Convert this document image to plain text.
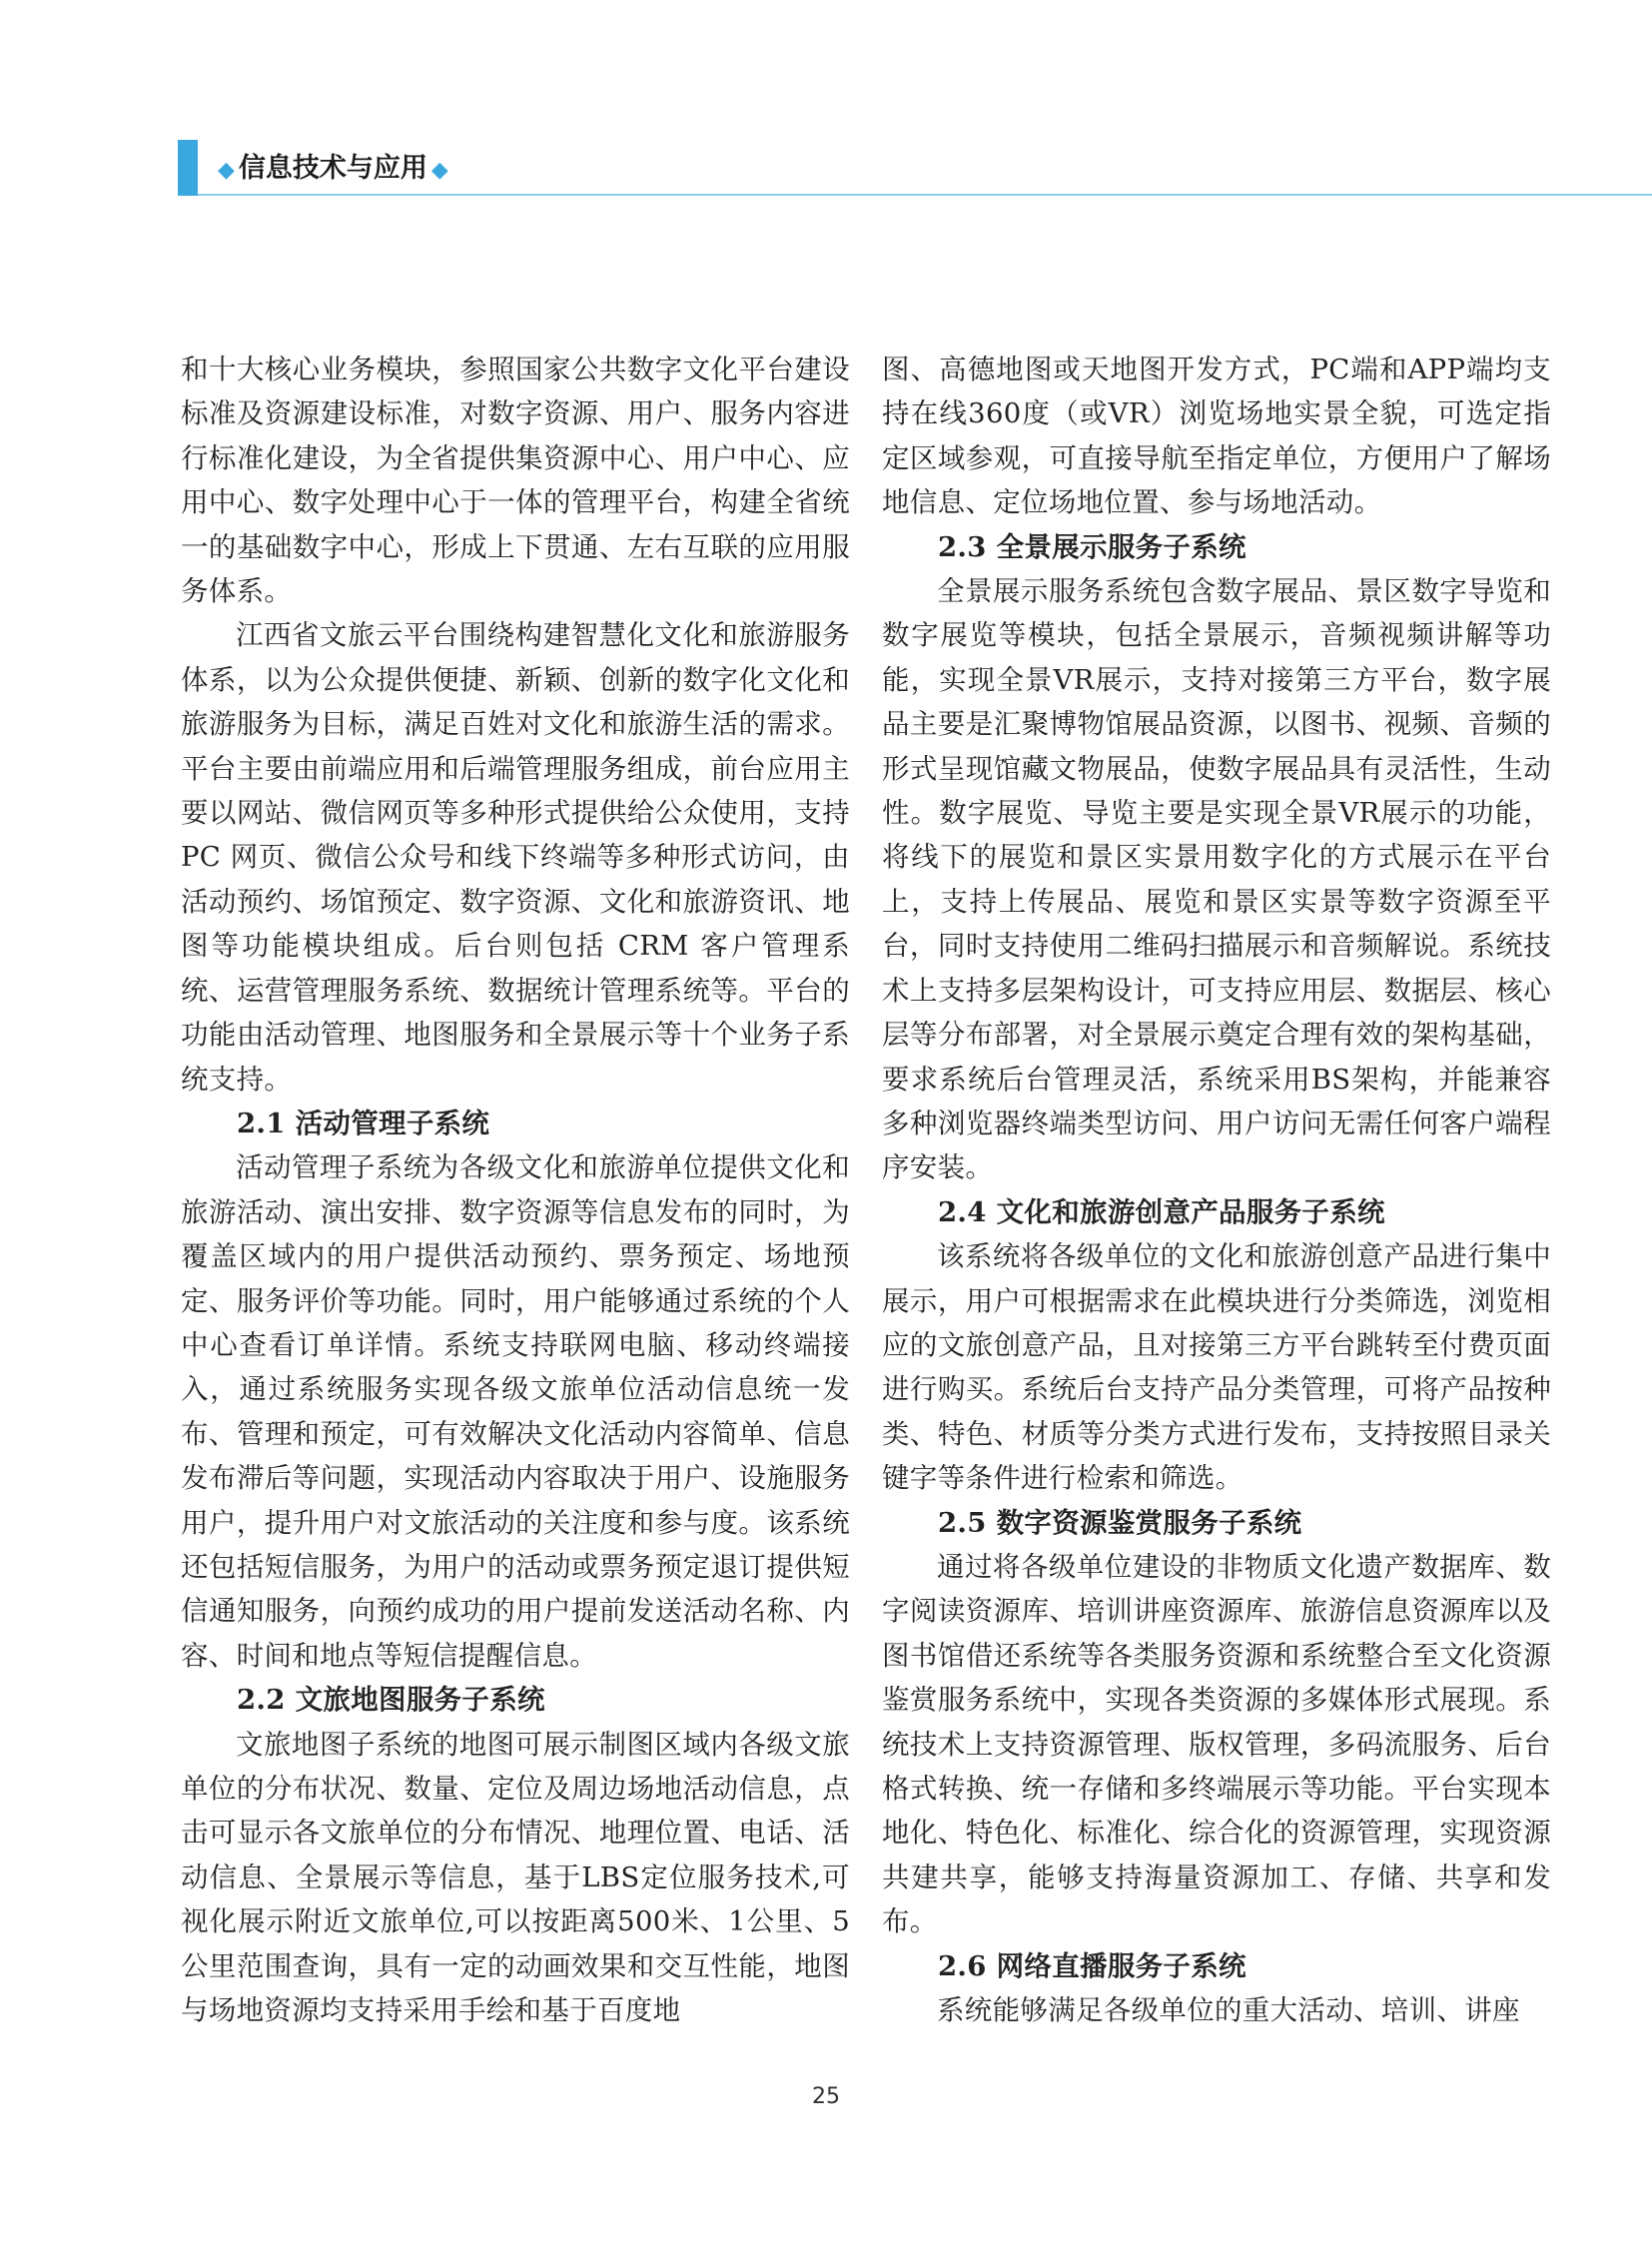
◆ 信息技术与应用 ◆

和十大核心业务模块，参照国家公共数字文化平台建设标准及资源建设标准，对数字资源、用户、服务内容进行标准化建设，为全省提供集资源中心、用户中心、应用中心、数字处理中心于一体的管理平台，构建全省统一的基础数字中心，形成上下贯通、左右互联的应用服务体系。

江西省文旅云平台围绕构建智慧化文化和旅游服务体系，以为公众提供便捷、新颖、创新的数字化文化和旅游服务为目标，满足百姓对文化和旅游生活的需求。平台主要由前端应用和后端管理服务组成，前台应用主要以网站、微信网页等多种形式提供给公众使用，支持 PC 网页、微信公众号和线下终端等多种形式访问，由活动预约、场馆预定、数字资源、文化和旅游资讯、地图等功能模块组成。后台则包括 CRM 客户管理系统、运营管理服务系统、数据统计管理系统等。平台的功能由活动管理、地图服务和全景展示等十个业务子系统支持。

2.1 活动管理子系统

活动管理子系统为各级文化和旅游单位提供文化和旅游活动、演出安排、数字资源等信息发布的同时，为覆盖区域内的用户提供活动预约、票务预定、场地预定、服务评价等功能。同时，用户能够通过系统的个人中心查看订单详情。系统支持联网电脑、移动终端接入，通过系统服务实现各级文旅单位活动信息统一发布、管理和预定，可有效解决文化活动内容简单、信息发布滞后等问题，实现活动内容取决于用户、设施服务用户，提升用户对文旅活动的关注度和参与度。该系统还包括短信服务，为用户的活动或票务预定退订提供短信通知服务，向预约成功的用户提前发送活动名称、内容、时间和地点等短信提醒信息。

2.2 文旅地图服务子系统

文旅地图子系统的地图可展示制图区域内各级文旅单位的分布状况、数量、定位及周边场地活动信息，点击可显示各文旅单位的分布情况、地理位置、电话、活动信息、全景展示等信息，基于LBS定位服务技术,可视化展示附近文旅单位,可以按距离500米、1公里、5公里范围查询，具有一定的动画效果和交互性能，地图与场地资源均支持采用手绘和基于百度地

图、高德地图或天地图开发方式，PC端和APP端均支持在线360度（或VR）浏览场地实景全貌，可选定指定区域参观，可直接导航至指定单位，方便用户了解场地信息、定位场地位置、参与场地活动。

2.3 全景展示服务子系统

全景展示服务系统包含数字展品、景区数字导览和数字展览等模块，包括全景展示，音频视频讲解等功能，实现全景VR展示，支持对接第三方平台，数字展品主要是汇聚博物馆展品资源，以图书、视频、音频的形式呈现馆藏文物展品，使数字展品具有灵活性，生动性。数字展览、导览主要是实现全景VR展示的功能，将线下的展览和景区实景用数字化的方式展示在平台上，支持上传展品、展览和景区实景等数字资源至平台，同时支持使用二维码扫描展示和音频解说。系统技术上支持多层架构设计，可支持应用层、数据层、核心层等分布部署，对全景展示奠定合理有效的架构基础，要求系统后台管理灵活，系统采用BS架构，并能兼容多种浏览器终端类型访问、用户访问无需任何客户端程序安装。

2.4 文化和旅游创意产品服务子系统

该系统将各级单位的文化和旅游创意产品进行集中展示，用户可根据需求在此模块进行分类筛选，浏览相应的文旅创意产品，且对接第三方平台跳转至付费页面进行购买。系统后台支持产品分类管理，可将产品按种类、特色、材质等分类方式进行发布，支持按照目录关键字等条件进行检索和筛选。

2.5 数字资源鉴赏服务子系统

通过将各级单位建设的非物质文化遗产数据库、数字阅读资源库、培训讲座资源库、旅游信息资源库以及图书馆借还系统等各类服务资源和系统整合至文化资源鉴赏服务系统中，实现各类资源的多媒体形式展现。系统技术上支持资源管理、版权管理，多码流服务、后台格式转换、统一存储和多终端展示等功能。平台实现本地化、特色化、标准化、综合化的资源管理，实现资源共建共享，能够支持海量资源加工、存储、共享和发布。

2.6 网络直播服务子系统

系统能够满足各级单位的重大活动、培训、讲座

25
